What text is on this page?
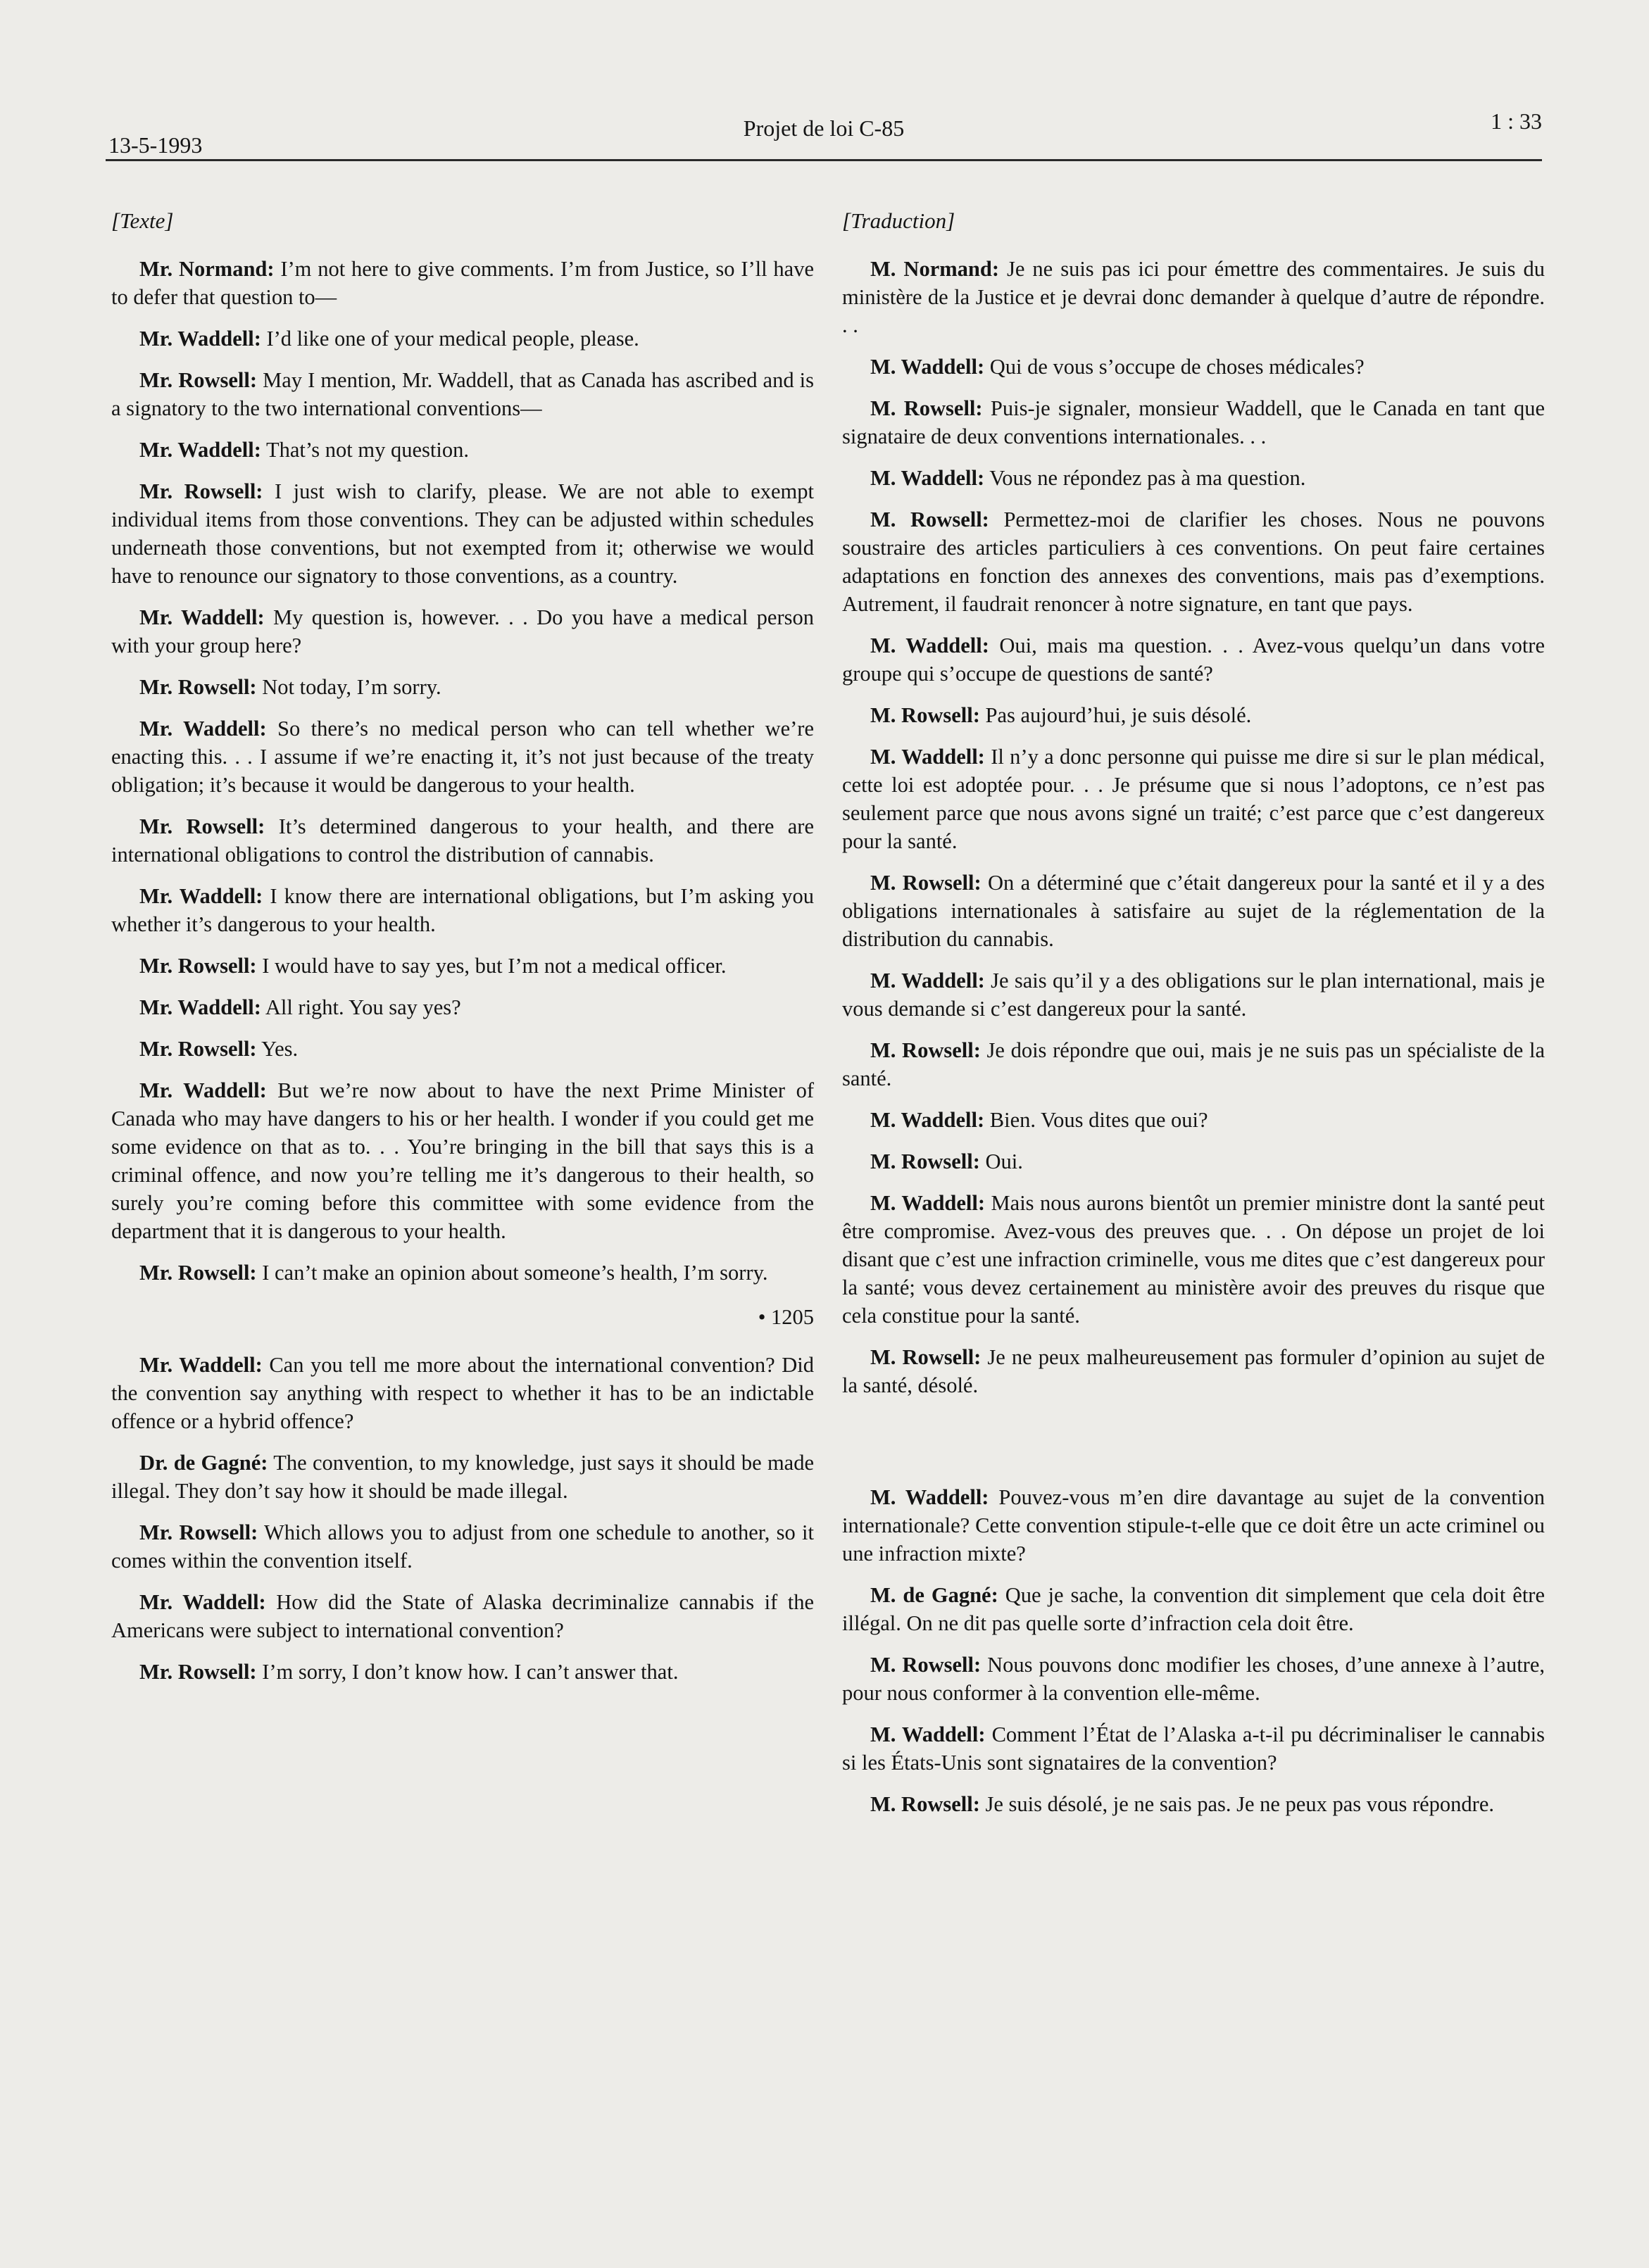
13-5-1993
Projet de loi C-85	1 : 33
[Texte]

Mr. Normand: I’m not here to give comments. I’m from Justice, so I’ll have to defer that question to—

Mr. Waddell: I’d like one of your medical people, please.

Mr. Rowsell: May I mention, Mr. Waddell, that as Canada has ascribed and is a signatory to the two international conventions—

Mr. Waddell: That’s not my question.

Mr. Rowsell: I just wish to clarify, please. We are not able to exempt individual items from those conventions. They can be adjusted within schedules underneath those conventions, but not exempted from it; otherwise we would have to renounce our signatory to those conventions, as a country.

Mr. Waddell: My question is, however. . . Do you have a medical person with your group here?

Mr. Rowsell: Not today, I’m sorry.

Mr. Waddell: So there’s no medical person who can tell whether we’re enacting this. . . I assume if we’re enacting it, it’s not just because of the treaty obligation; it’s because it would be dangerous to your health.

Mr. Rowsell: It’s determined dangerous to your health, and there are international obligations to control the distribution of cannabis.

Mr. Waddell: I know there are international obligations, but I’m asking you whether it’s dangerous to your health.

Mr. Rowsell: I would have to say yes, but I’m not a medical officer.

Mr. Waddell: All right. You say yes?

Mr. Rowsell: Yes.

Mr. Waddell: But we’re now about to have the next Prime Minister of Canada who may have dangers to his or her health. I wonder if you could get me some evidence on that as to. . . You’re bringing in the bill that says this is a criminal offence, and now you’re telling me it’s dangerous to their health, so surely you’re coming before this committee with some evidence from the department that it is dangerous to your health.

Mr. Rowsell: I can’t make an opinion about someone’s health, I’m sorry.

• 1205

Mr. Waddell: Can you tell me more about the international convention? Did the convention say anything with respect to whether it has to be an indictable offence or a hybrid offence?

Dr. de Gagné: The convention, to my knowledge, just says it should be made illegal. They don’t say how it should be made illegal.

Mr. Rowsell: Which allows you to adjust from one schedule to another, so it comes within the convention itself.

Mr. Waddell: How did the State of Alaska decriminalize cannabis if the Americans were subject to international convention?

Mr. Rowsell: I’m sorry, I don’t know how. I can’t answer that.

[Traduction]

M. Normand: Je ne suis pas ici pour émettre des commentaires. Je suis du ministère de la Justice et je devrai donc demander à quelque d’autre de répondre. . .

M. Waddell: Qui de vous s’occupe de choses médicales?

M. Rowsell: Puis-je signaler, monsieur Waddell, que le Canada en tant que signataire de deux conventions internationales. . .

M. Waddell: Vous ne répondez pas à ma question.

M. Rowsell: Permettez-moi de clarifier les choses. Nous ne pouvons soustraire des articles particuliers à ces conventions. On peut faire certaines adaptations en fonction des annexes des conventions, mais pas d’exemptions. Autrement, il faudrait renoncer à notre signature, en tant que pays.

M. Waddell: Oui, mais ma question. . . Avez-vous quelqu’un dans votre groupe qui s’occupe de questions de santé?

M. Rowsell: Pas aujourd’hui, je suis désolé.

M. Waddell: Il n’y a donc personne qui puisse me dire si sur le plan médical, cette loi est adoptée pour. . . Je présume que si nous l’adoptons, ce n’est pas seulement parce que nous avons signé un traité; c’est parce que c’est dangereux pour la santé.

M. Rowsell: On a déterminé que c’était dangereux pour la santé et il y a des obligations internationales à satisfaire au sujet de la réglementation de la distribution du cannabis.

M. Waddell: Je sais qu’il y a des obligations sur le plan international, mais je vous demande si c’est dangereux pour la santé.

M. Rowsell: Je dois répondre que oui, mais je ne suis pas un spécialiste de la santé.

M. Waddell: Bien. Vous dites que oui?

M. Rowsell: Oui.

M. Waddell: Mais nous aurons bientôt un premier ministre dont la santé peut être compromise. Avez-vous des preuves que. . . On dépose un projet de loi disant que c’est une infraction criminelle, vous me dites que c’est dangereux pour la santé; vous devez certainement au ministère avoir des preuves du risque que cela constitue pour la santé.

M. Rowsell: Je ne peux malheureusement pas formuler d’opinion au sujet de la santé, désolé.

M. Waddell: Pouvez-vous m’en dire davantage au sujet de la convention internationale? Cette convention stipule-t-elle que ce doit être un acte criminel ou une infraction mixte?

M. de Gagné: Que je sache, la convention dit simplement que cela doit être illégal. On ne dit pas quelle sorte d’infraction cela doit être.

M. Rowsell: Nous pouvons donc modifier les choses, d’une annexe à l’autre, pour nous conformer à la convention elle-même.

M. Waddell: Comment l’État de l’Alaska a-t-il pu décriminaliser le cannabis si les États-Unis sont signataires de la convention?

M. Rowsell: Je suis désolé, je ne sais pas. Je ne peux pas vous répondre.
